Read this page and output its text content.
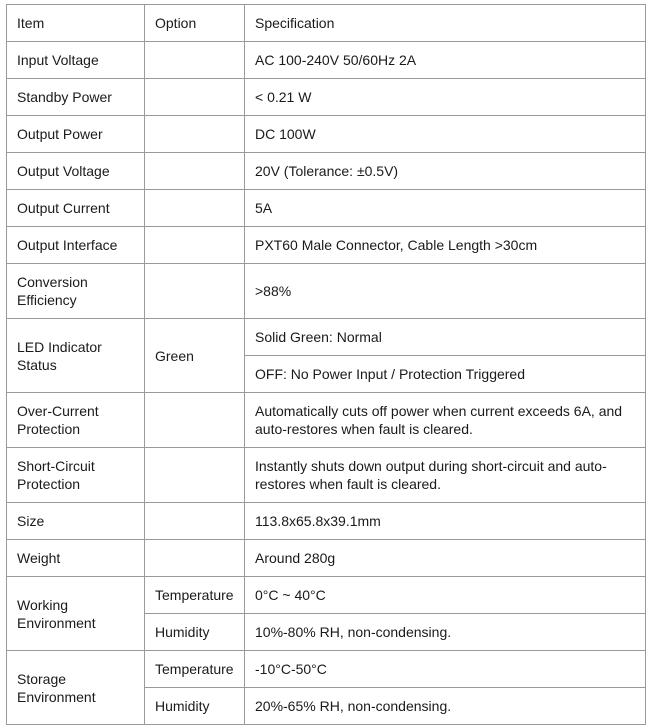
Item	Option	Specification
Input Voltage		AC 100-240V 50/60Hz 2A
Standby Power		< 0.21 W
Output Power		DC 100W
Output Voltage		20V (Tolerance: ±0.5V)
Output Current		5A
Output Interface		PXT60 Male Connector, Cable Length >30cm
Conversion Efficiency		>88%
LED Indicator Status	Green	Solid Green: Normal
		OFF: No Power Input / Protection Triggered
Over-Current Protection		Automatically cuts off power when current exceeds 6A, and auto-restores when fault is cleared.
Short-Circuit Protection		Instantly shuts down output during short-circuit and auto-restores when fault is cleared.
Size		113.8x65.8x39.1mm
Weight		Around 280g
Working Environment	Temperature	0°C ~ 40°C
	Humidity	10%-80% RH, non-condensing.
Storage Environment	Temperature	-10°C-50°C
	Humidity	20%-65% RH, non-condensing.
